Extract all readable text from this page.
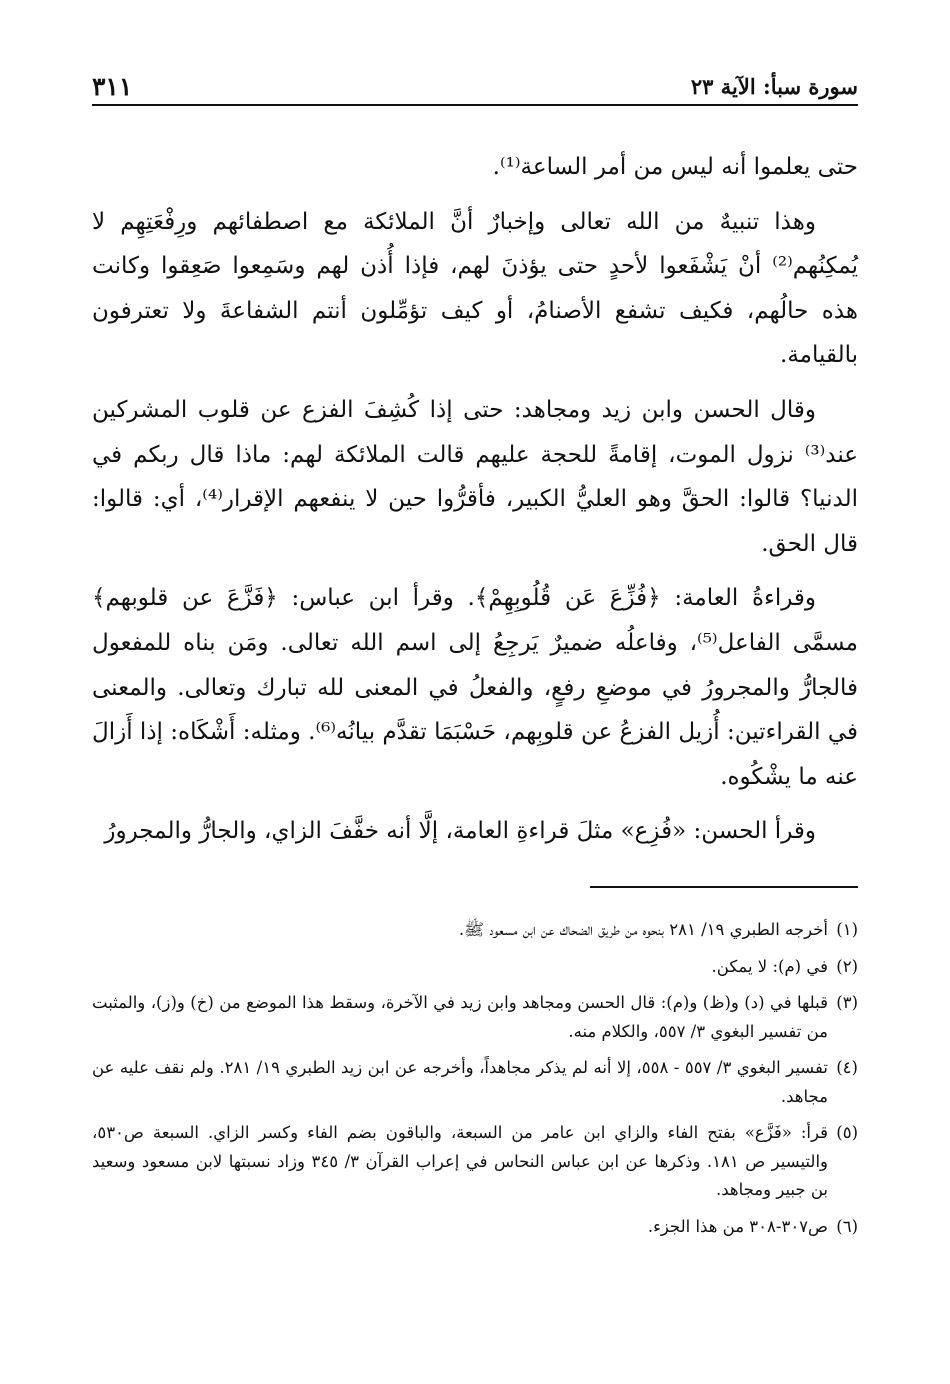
سورة سبأ: الآية ٢٣
٣١١

حتى يعلموا أنه ليس من أمر الساعة⁽¹⁾.

وهذا تنبيهٌ من الله تعالى وإخبارٌ أنَّ الملائكة مع اصطفائهم ورِفْعَتِهِم لا يُمكِنُهم⁽²⁾ أنْ يَشْفَعوا لأحدٍ حتى يؤذنَ لهم، فإذا أُذن لهم وسَمِعوا صَعِقوا وكانت هذه حالُهم، فكيف تشفع الأصنامُ، أو كيف تؤمِّلون أنتم الشفاعةَ ولا تعترفون بالقيامة.

وقال الحسن وابن زيد ومجاهد: حتى إذا كُشِفَ الفزع عن قلوب المشركين عند⁽³⁾ نزول الموت، إقامةً للحجة عليهم قالت الملائكة لهم: ماذا قال ربكم في الدنيا؟ قالوا: الحقَّ وهو العليُّ الكبير، فأقرُّوا حين لا ينفعهم الإقرار⁽⁴⁾، أي: قالوا: قال الحق.

وقراءةُ العامة: ﴿فُزِّعَ عَن قُلُوبِهِمْ﴾. وقرأ ابن عباس: ﴿فَزَّعَ عن قلوبهم﴾ مسمَّى الفاعل⁽⁵⁾، وفاعلُه ضميرٌ يَرجِعُ إلى اسم الله تعالى. ومَن بناه للمفعول فالجارُّ والمجرورُ في موضعِ رفعٍ، والفعلُ في المعنى لله تبارك وتعالى. والمعنى في القراءتين: أُزيل الفزعُ عن قلوبِهم، حَسْبَمَا تقدَّم بيانُه⁽⁶⁾. ومثله: أَشْكَاه: إذا أَزالَ عنه ما يشْكُوه.

وقرأ الحسن: «فُزِع» مثلَ قراءةِ العامة، إلَّا أنه خفَّفَ الزاي، والجارُّ والمجرورُ

(١)أخرجه الطبري ١٩/ ٢٨١ بنحوه من طريق الضحاك عن ابن مسعود ﷺ.
(٢)في (م): لا يمكن.
(٣)قبلها في (د) و(ظ) و(م): قال الحسن ومجاهد وابن زيد في الآخرة، وسقط هذا الموضع من (خ) و(ز)، والمثبت من تفسير البغوي ٣/ ٥٥٧، والكلام منه.
(٤)تفسير البغوي ٣/ ٥٥٧ - ٥٥٨، إلا أنه لم يذكر مجاهداً، وأخرجه عن ابن زيد الطبري ١٩/ ٢٨١. ولم نقف عليه عن مجاهد.
(٥)قرأ: «فَزَّع» بفتح الفاء والزاي ابن عامر من السبعة، والباقون بضم الفاء وكسر الزاي. السبعة ص٥٣٠، والتيسير ص ١٨١. وذكرها عن ابن عباس النحاس في إعراب القرآن ٣/ ٣٤٥ وزاد نسبتها لابن مسعود وسعيد بن جبير ومجاهد.
(٦)ص٣٠٧-٣٠٨ من هذا الجزء.
